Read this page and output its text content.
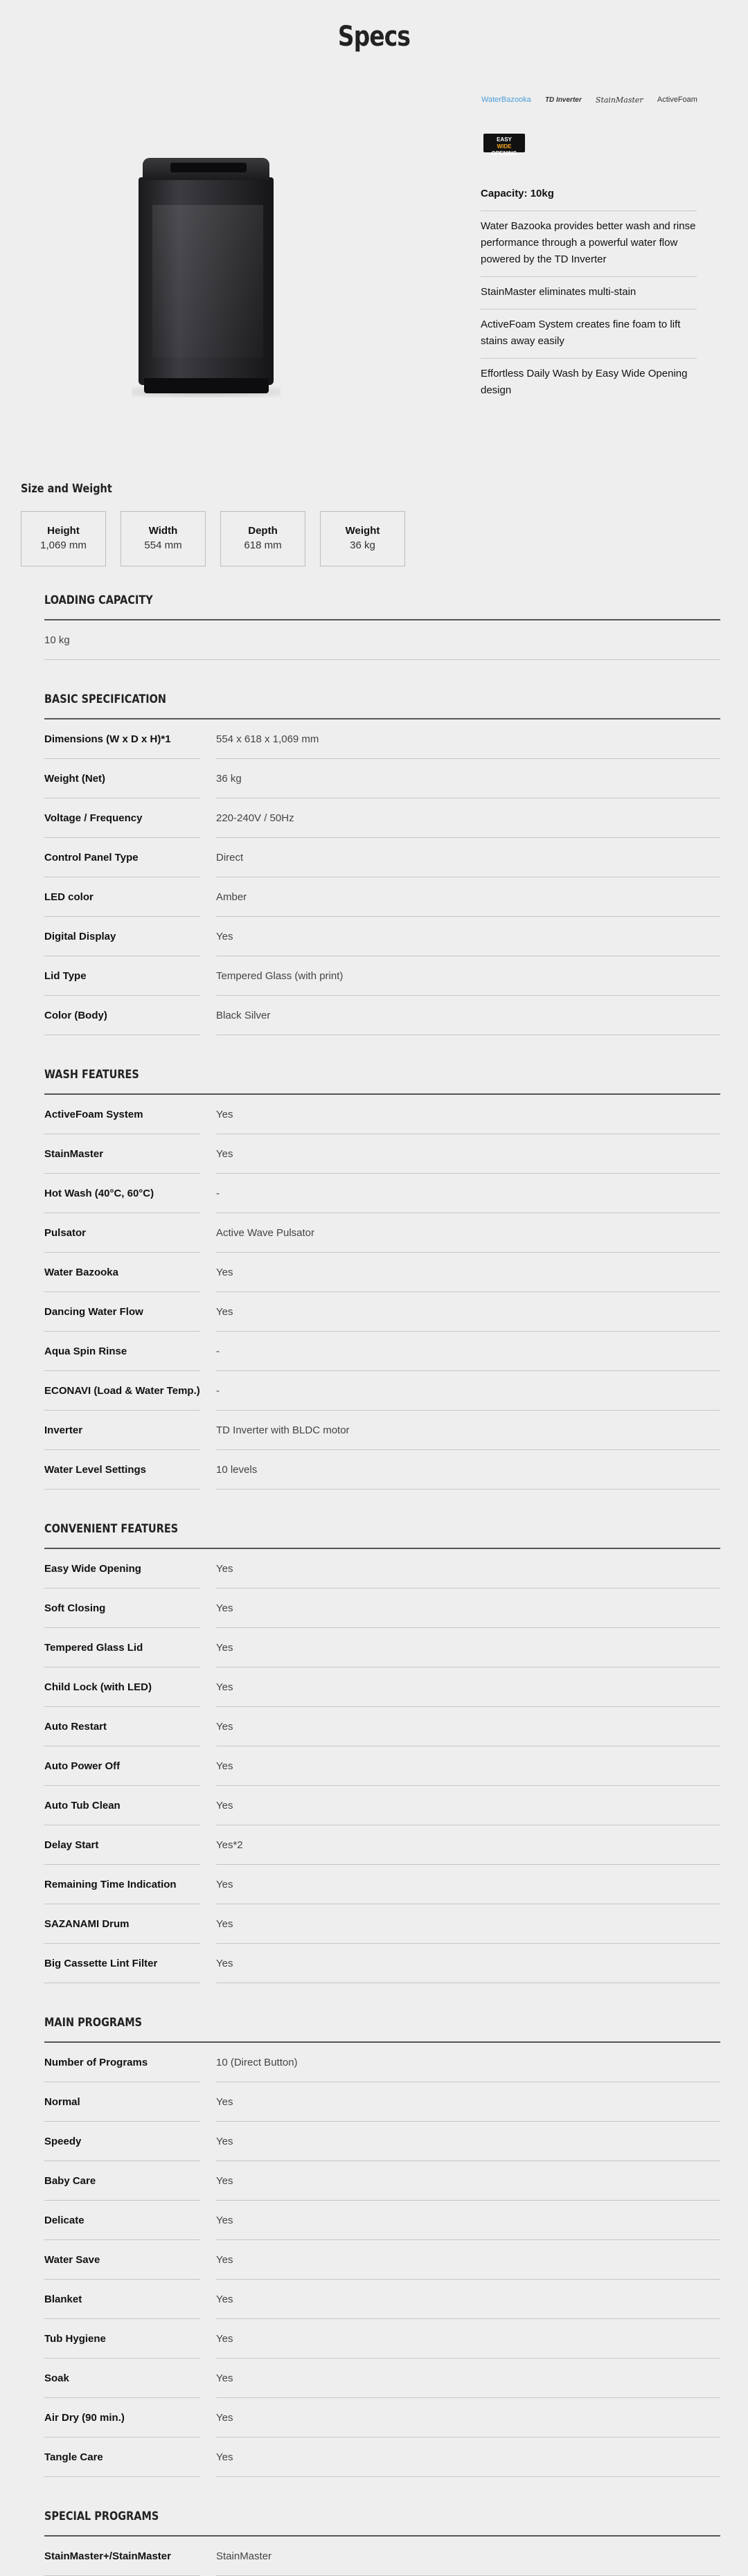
Specs
WaterBazooka TD Inverter StainMaster ActiveFoam
EASY
WIDE
OPENING
Capacity: 10kg
Water Bazooka provides better wash and rinse performance through a powerful water flow powered by the TD Inverter
StainMaster eliminates multi-stain
ActiveFoam System creates fine foam to lift stains away easily
Effortless Daily Wash by Easy Wide Opening design
Size and Weight
Height
1,069 mm
Width
554 mm
Depth
618 mm
Weight
36 kg
LOADING CAPACITY
10 kg
BASIC SPECIFICATION
Dimensions (W x D x H)*1	554 x 618 x 1,069 mm
Weight (Net)	36 kg
Voltage / Frequency	220-240V / 50Hz
Control Panel Type	Direct
LED color	Amber
Digital Display	Yes
Lid Type	Tempered Glass (with print)
Color (Body)	Black Silver
WASH FEATURES
ActiveFoam System	Yes
StainMaster	Yes
Hot Wash (40°C, 60°C)	-
Pulsator	Active Wave Pulsator
Water Bazooka	Yes
Dancing Water Flow	Yes
Aqua Spin Rinse	-
ECONAVI (Load & Water Temp.)	-
Inverter	TD Inverter with BLDC motor
Water Level Settings	10 levels
CONVENIENT FEATURES
Easy Wide Opening	Yes
Soft Closing	Yes
Tempered Glass Lid	Yes
Child Lock (with LED)	Yes
Auto Restart	Yes
Auto Power Off	Yes
Auto Tub Clean	Yes
Delay Start	Yes*2
Remaining Time Indication	Yes
SAZANAMI Drum	Yes
Big Cassette Lint Filter	Yes
MAIN PROGRAMS
Number of Programs	10 (Direct Button)
Normal	Yes
Speedy	Yes
Baby Care	Yes
Delicate	Yes
Water Save	Yes
Blanket	Yes
Tub Hygiene	Yes
Soak	Yes
Air Dry (90 min.)	Yes
Tangle Care	Yes
SPECIAL PROGRAMS
StainMaster+/StainMaster	StainMaster
